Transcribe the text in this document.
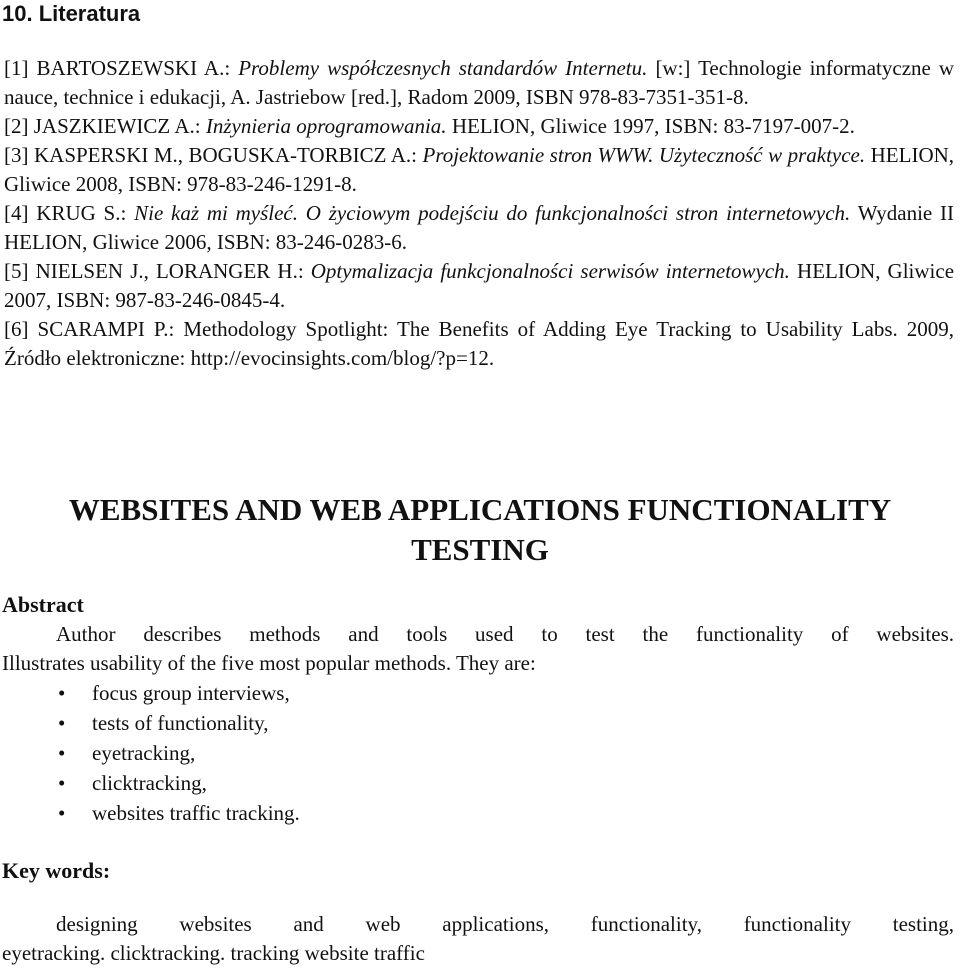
10. Literatura

[1] BARTOSZEWSKI A.: Problemy współczesnych standardów Internetu. [w:] Technologie informatyczne w nauce, technice i edukacji, A. Jastriebow [red.], Radom 2009, ISBN 978-83-7351-351-8.

[2] JASZKIEWICZ A.: Inżynieria oprogramowania. HELION, Gliwice 1997, ISBN: 83-7197-007-2.

[3] KASPERSKI M., BOGUSKA-TORBICZ A.: Projektowanie stron WWW. Użyteczność w praktyce. HELION, Gliwice 2008, ISBN: 978-83-246-1291-8.

[4] KRUG S.: Nie każ mi myśleć. O życiowym podejściu do funkcjonalności stron internetowych. Wydanie II HELION, Gliwice 2006, ISBN: 83-246-0283-6.

[5] NIELSEN J., LORANGER H.: Optymalizacja funkcjonalności serwisów internetowych. HELION, Gliwice 2007, ISBN: 987-83-246-0845-4.

[6] SCARAMPI P.: Methodology Spotlight: The Benefits of Adding Eye Tracking to Usability Labs. 2009, Źródło elektroniczne: http://evocinsights.com/blog/?p=12.

WEBSITES AND WEB APPLICATIONS FUNCTIONALITY
TESTING
Abstract

Author describes methods and tools used to test the functionality of websites.
Illustrates usability of the five most popular methods. They are:

•	focus group interviews,
•	tests of functionality,
•	eyetracking,
•	clicktracking,
•	websites traffic tracking.
Key words:

designing websites and web applications, functionality, functionality testing,
eyetracking. clicktracking. tracking website traffic
